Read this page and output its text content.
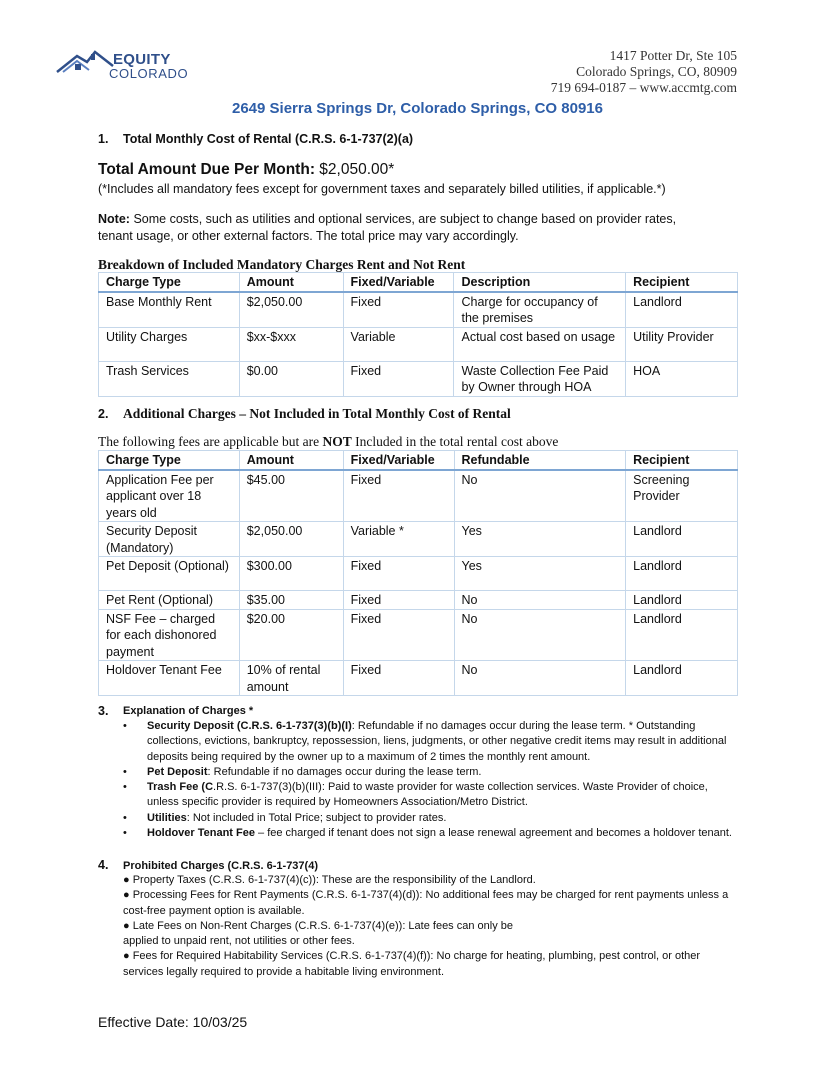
EQUITY
COLORADO
1417 Potter Dr, Ste 105
Colorado Springs, CO, 80909
719 694-0187 – www.accmtg.com
2649 Sierra Springs Dr, Colorado Springs, CO 80916
1. Total Monthly Cost of Rental (C.R.S. 6-1-737(2)(a)
Total Amount Due Per Month: $2,050.00*
(*Includes all mandatory fees except for government taxes and separately billed utilities, if applicable.*)
Note: Some costs, such as utilities and optional services, are subject to change based on provider rates,
tenant usage, or other external factors. The total price may vary accordingly.
Breakdown of Included Mandatory Charges Rent and Not Rent
Charge Type	Amount	Fixed/Variable	Description	Recipient
Base Monthly Rent	$2,050.00	Fixed	Charge for occupancy of the premises	Landlord
Utility Charges	$xx-$xxx	Variable	Actual cost based on usage	Utility Provider
Trash Services	$0.00	Fixed	Waste Collection Fee Paid by Owner through HOA	HOA
2. Additional Charges – Not Included in Total Monthly Cost of Rental
The following fees are applicable but are NOT Included in the total rental cost above
Charge Type	Amount	Fixed/Variable	Refundable	Recipient
Application Fee per applicant over 18 years old	$45.00	Fixed	No	Screening Provider
Security Deposit (Mandatory)	$2,050.00	Variable *	Yes	Landlord
Pet Deposit (Optional)	$300.00	Fixed	Yes	Landlord
Pet Rent (Optional)	$35.00	Fixed	No	Landlord
NSF Fee – charged for each dishonored payment	$20.00	Fixed	No	Landlord
Holdover Tenant Fee	10% of rental amount	Fixed	No	Landlord
3. Explanation of Charges *
• Security Deposit (C.R.S. 6-1-737(3)(b)(I): Refundable if no damages occur during the lease term. * Outstanding collections, evictions, bankruptcy, repossession, liens, judgments, or other negative credit items may result in additional deposits being required by the owner up to a maximum of 2 times the monthly rent amount.
• Pet Deposit: Refundable if no damages occur during the lease term.
• Trash Fee (C.R.S. 6-1-737(3)(b)(III): Paid to waste provider for waste collection services. Waste Provider of choice, unless specific provider is required by Homeowners Association/Metro District.
• Utilities: Not included in Total Price; subject to provider rates.
• Holdover Tenant Fee – fee charged if tenant does not sign a lease renewal agreement and becomes a holdover tenant.
4. Prohibited Charges (C.R.S. 6-1-737(4)
● Property Taxes (C.R.S. 6-1-737(4)(c)): These are the responsibility of the Landlord.
● Processing Fees for Rent Payments (C.R.S. 6-1-737(4)(d)): No additional fees may be charged for rent payments unless a cost-free payment option is available.
● Late Fees on Non-Rent Charges (C.R.S. 6-1-737(4)(e)): Late fees can only be
applied to unpaid rent, not utilities or other fees.
● Fees for Required Habitability Services (C.R.S. 6-1-737(4)(f)): No charge for heating, plumbing, pest control, or other services legally required to provide a habitable living environment.
Effective Date: 10/03/25
